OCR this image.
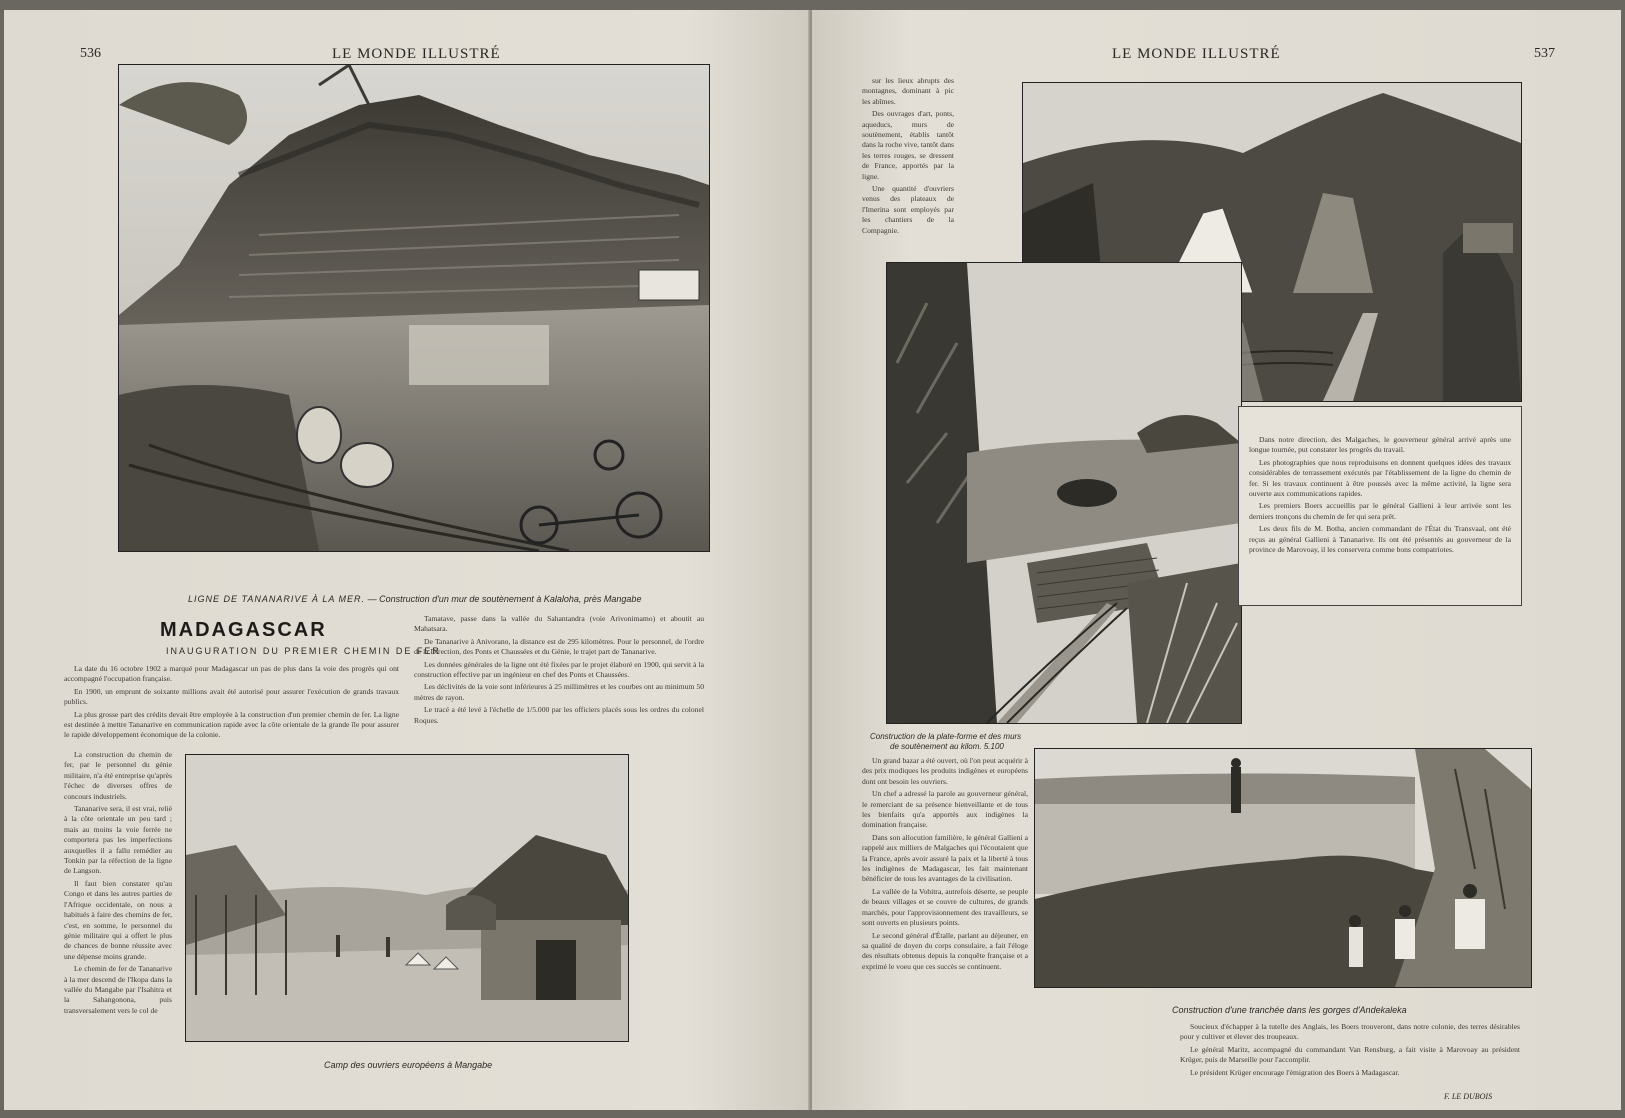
536	LE MONDE ILLUSTRÉ
LIGNE DE TANANARIVE À LA MER. — Construction d'un mur de soutènement à Kalaloha, près Mangabe
MADAGASCAR
INAUGURATION DU PREMIER CHEMIN DE FER

La date du 16 octobre 1902 a marqué pour Madagascar un pas de plus dans la voie des progrès qui ont accompagné l'occupation française.

En 1900, un emprunt de soixante millions avait été autorisé pour assurer l'exécution de grands travaux publics.

La plus grosse part des crédits devait être employée à la construction d'un premier chemin de fer. La ligne est destinée à mettre Tananarive en communication rapide avec la côte orientale de la grande île pour assurer le rapide développement économique de la colonie.

Tamatave, passe dans la vallée du Sahantandra (voie Arivonimamo) et aboutit au Mahatsara.

De Tananarive à Anivorano, la distance est de 295 kilomètres. Pour le personnel, de l'ordre de la Direction, des Ponts et Chaussées et du Génie, le trajet part de Tananarive.

Les données générales de la ligne ont été fixées par le projet élaboré en 1900, qui servit à la construction effective par un ingénieur en chef des Ponts et Chaussées.

Les déclivités de la voie sont inférieures à 25 millimètres et les courbes ont au minimum 50 mètres de rayon.

Le tracé a été levé à l'échelle de 1/5.000 par les officiers placés sous les ordres du colonel Roques.

La construction du chemin de fer, par le personnel du génie militaire, n'a été entreprise qu'après l'échec de diverses offres de concours industriels.

Tananarive sera, il est vrai, relié à la côte orientale un peu tard ; mais au moins la voie ferrée ne comportera pas les imperfections auxquelles il a fallu remédier au Tonkin par la réfection de la ligne de Langson.

Il faut bien constater qu'au Congo et dans les autres parties de l'Afrique occidentale, on nous a habitués à faire des chemins de fer, c'est, en somme, le personnel du génie militaire qui a offert le plus de chances de bonne réussite avec une dépense moins grande.

Le chemin de fer de Tananarive à la mer descend de l'Ikopa dans la vallée du Mangabe par l'Isahitra et la Sahangonona, puis transversalement vers le col de

Camp des ouvriers européens à Mangabe
LE MONDE ILLUSTRÉ	537

sur les lieux abrupts des montagnes, dominant à pic les abîmes.

Des ouvrages d'art, ponts, aqueducs, murs de soutènement, établis tantôt dans la roche vive, tantôt dans les terres rouges, se dressent de France, apportés par la ligne.

Une quantité d'ouvriers venus des plateaux de l'Imerina sont employés par les chantiers de la Compagnie.

Construction de la plate-forme et des murs
de soutènement au kilom. 5.100

Dans notre direction, des Malgaches, le gouverneur général arrivé après une longue tournée, put constater les progrès du travail.

Les photographies que nous reproduisons en donnent quelques idées des travaux considérables de terrassement exécutés par l'établissement de la ligne du chemin de fer. Si les travaux continuent à être poussés avec la même activité, la ligne sera ouverte aux communications rapides.

Les premiers Boers accueillis par le général Gallieni à leur arrivée sont les derniers tronçons du chemin de fer qui sera prêt.

Les deux fils de M. Botha, ancien commandant de l'État du Transvaal, ont été reçus au général Gallieni à Tananarive. Ils ont été présentés au gouverneur de la province de Marovoay, il les conservera comme bons compatriotes.

Construction d'une tranchée dans les gorges d'Andekaleka

Un grand bazar a été ouvert, où l'on peut acquérir à des prix modiques les produits indigènes et européens dont ont besoin les ouvriers.

Un chef a adressé la parole au gouverneur général, le remerciant de sa présence bienveillante et de tous les bienfaits qu'a apportés aux indigènes la domination française.

Dans son allocution familière, le général Gallieni a rappelé aux milliers de Malgaches qui l'écoutaient que la France, après avoir assuré la paix et la liberté à tous les indigènes de Madagascar, les fait maintenant bénéficier de tous les avantages de la civilisation.

La vallée de la Vohitra, autrefois déserte, se peuple de beaux villages et se couvre de cultures, de grands marchés, pour l'approvisionnement des travailleurs, se sont ouverts en plusieurs points.

Le second général d'Étalle, parlant au déjeuner, en sa qualité de doyen du corps consulaire, a fait l'éloge des résultats obtenus depuis la conquête française et a exprimé le voeu que ces succès se continuent.

Soucieux d'échapper à la tutelle des Anglais, les Boers trouveront, dans notre colonie, des terres désirables pour y cultiver et élever des troupeaux.

Le général Maritz, accompagné du commandant Van Rensburg, a fait visite à Marovoay au président Krüger, puis de Marseille pour l'accomplir.

Le président Krüger encourage l'émigration des Boers à Madagascar.

F. LE DUBOIS
